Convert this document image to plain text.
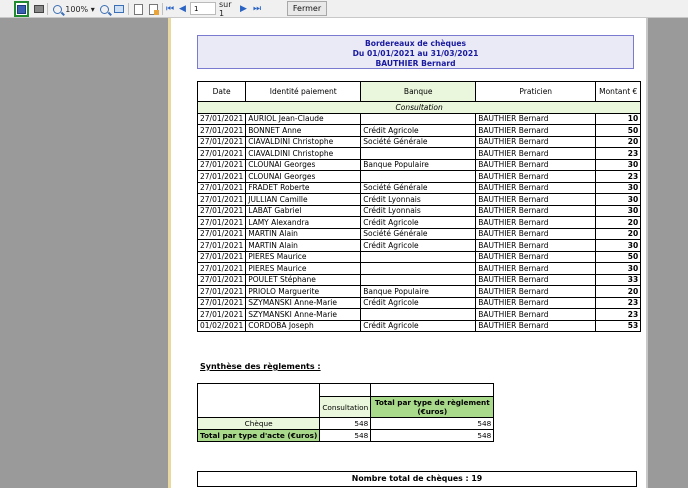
100% ▾	⏮ ◀
1	sur 1	▶ ⏭	Fermer
Bordereaux de chèques
Du 01/01/2021 au 31/03/2021
BAUTHIER Bernard
Date	Identité paiement	Banque	Praticien	Montant €
Consultation				
27/01/2021	AURIOL Jean-Claude		BAUTHIER Bernard	10
27/01/2021	BONNET Anne	Crédit Agricole	BAUTHIER Bernard	50
27/01/2021	CIAVALDINI Christophe	Société Générale	BAUTHIER Bernard	20
27/01/2021	CIAVALDINI Christophe		BAUTHIER Bernard	23
27/01/2021	CLOUNAI Georges	Banque Populaire	BAUTHIER Bernard	30
27/01/2021	CLOUNAI Georges		BAUTHIER Bernard	23
27/01/2021	FRADET Roberte	Société Générale	BAUTHIER Bernard	30
27/01/2021	JULLIAN Camille	Crédit Lyonnais	BAUTHIER Bernard	30
27/01/2021	LABAT Gabriel	Crédit Lyonnais	BAUTHIER Bernard	30
27/01/2021	LAMY Alexandra	Crédit Agricole	BAUTHIER Bernard	20
27/01/2021	MARTIN Alain	Société Générale	BAUTHIER Bernard	20
27/01/2021	MARTIN Alain	Crédit Agricole	BAUTHIER Bernard	30
27/01/2021	PIERES Maurice		BAUTHIER Bernard	50
27/01/2021	PIERES Maurice		BAUTHIER Bernard	30
27/01/2021	POULET Stéphane		BAUTHIER Bernard	33
27/01/2021	PRIOLO Marguerite	Banque Populaire	BAUTHIER Bernard	20
27/01/2021	SZYMANSKI Anne-Marie	Crédit Agricole	BAUTHIER Bernard	23
27/01/2021	SZYMANSKI Anne-Marie		BAUTHIER Bernard	23
01/02/2021	CORDOBA Joseph	Crédit Agricole	BAUTHIER Bernard	53
Synthèse des règlements :

	Consultation	Total par type de règlement (€uros)
Chèque	548	548
Total par type d'acte (€uros)	548	548
Nombre total de chèques : 19
